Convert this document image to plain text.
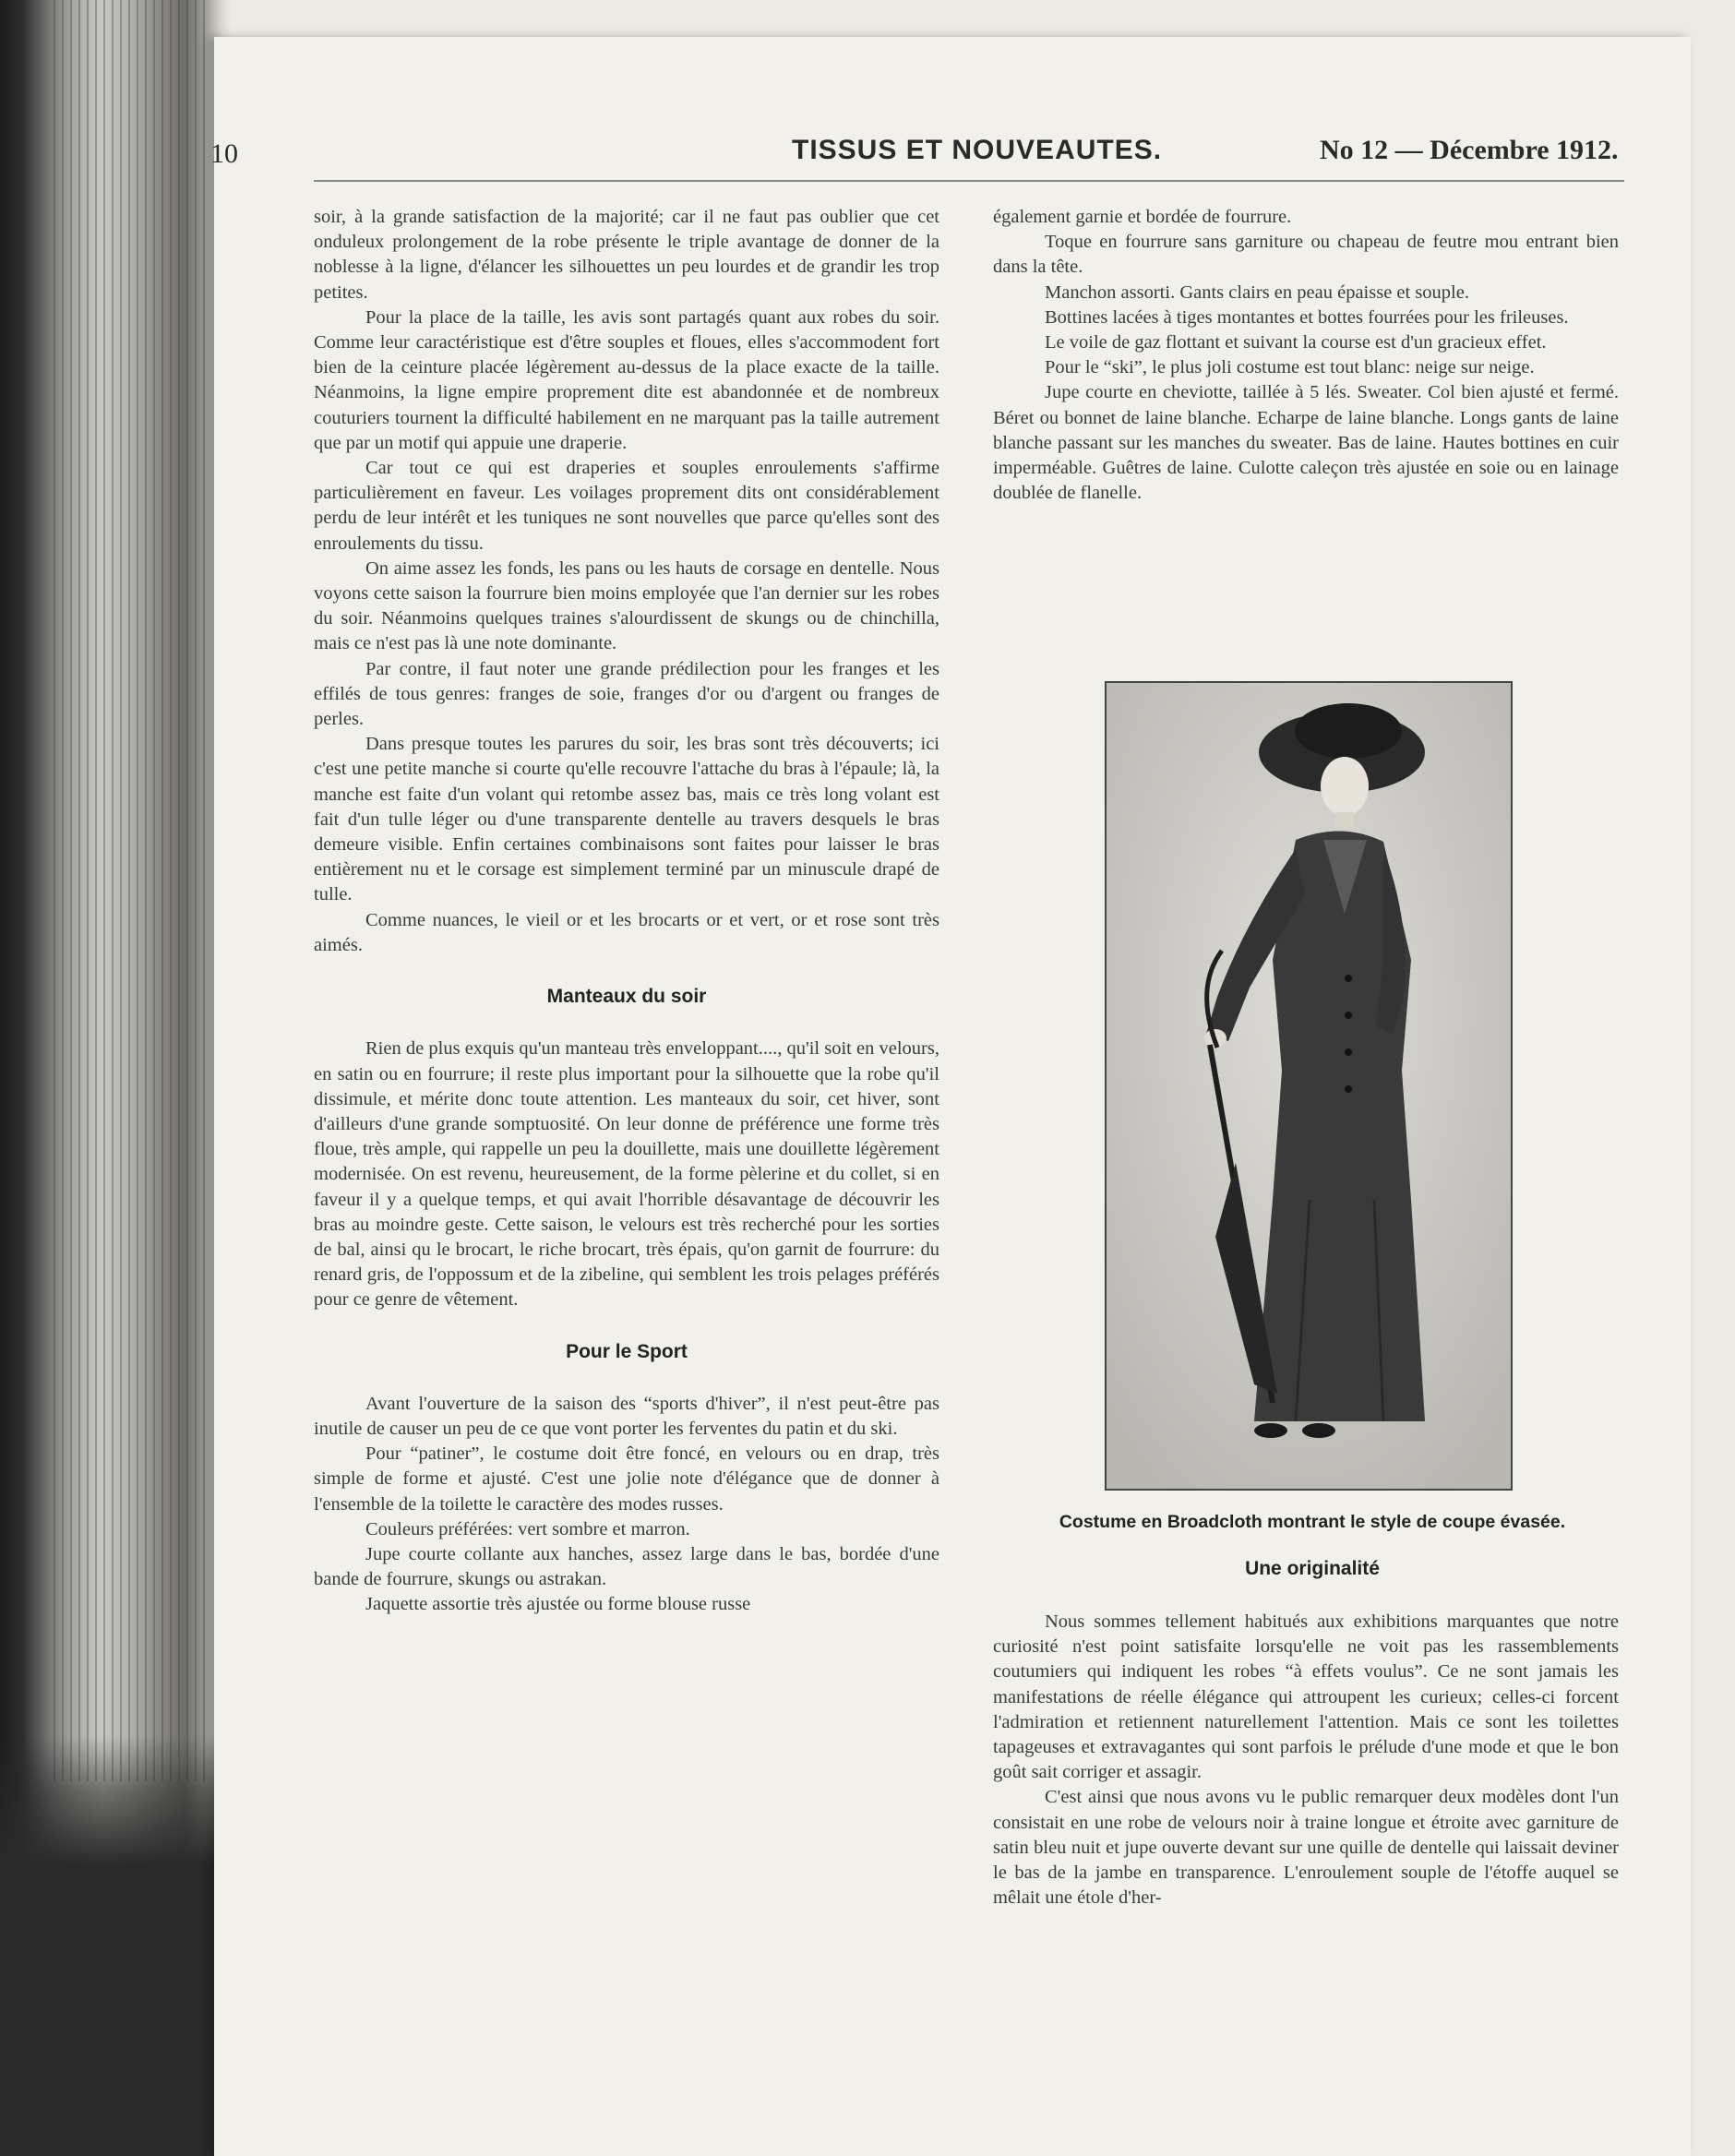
10	TISSUS ET NOUVEAUTES.	No 12 — Décembre 1912.

soir, à la grande satisfaction de la majorité; car il ne faut pas oublier que cet onduleux prolongement de la robe présente le triple avantage de donner de la noblesse à la ligne, d'élancer les silhouettes un peu lourdes et de grandir les trop petites.

Pour la place de la taille, les avis sont partagés quant aux robes du soir. Comme leur caractéristique est d'être souples et floues, elles s'accommodent fort bien de la ceinture placée légèrement au-dessus de la place exacte de la taille. Néanmoins, la ligne empire proprement dite est abandonnée et de nombreux couturiers tournent la difficulté habilement en ne marquant pas la taille autrement que par un motif qui appuie une draperie.

Car tout ce qui est draperies et souples enroulements s'affirme particulièrement en faveur. Les voilages proprement dits ont considérablement perdu de leur intérêt et les tuniques ne sont nouvelles que parce qu'elles sont des enroulements du tissu.

On aime assez les fonds, les pans ou les hauts de corsage en dentelle. Nous voyons cette saison la fourrure bien moins employée que l'an dernier sur les robes du soir. Néanmoins quelques traines s'alourdissent de skungs ou de chinchilla, mais ce n'est pas là une note dominante.

Par contre, il faut noter une grande prédilection pour les franges et les effilés de tous genres: franges de soie, franges d'or ou d'argent ou franges de perles.

Dans presque toutes les parures du soir, les bras sont très découverts; ici c'est une petite manche si courte qu'elle recouvre l'attache du bras à l'épaule; là, la manche est faite d'un volant qui retombe assez bas, mais ce très long volant est fait d'un tulle léger ou d'une transparente dentelle au travers desquels le bras demeure visible. Enfin certaines combinaisons sont faites pour laisser le bras entièrement nu et le corsage est simplement terminé par un minuscule drapé de tulle.

Comme nuances, le vieil or et les brocarts or et vert, or et rose sont très aimés.

Manteaux du soir

Rien de plus exquis qu'un manteau très enveloppant...., qu'il soit en velours, en satin ou en fourrure; il reste plus important pour la silhouette que la robe qu'il dissimule, et mérite donc toute attention. Les manteaux du soir, cet hiver, sont d'ailleurs d'une grande somptuosité. On leur donne de préférence une forme très floue, très ample, qui rappelle un peu la douillette, mais une douillette légèrement modernisée. On est revenu, heureusement, de la forme pèlerine et du collet, si en faveur il y a quelque temps, et qui avait l'horrible désavantage de découvrir les bras au moindre geste. Cette saison, le velours est très recherché pour les sorties de bal, ainsi qu le brocart, le riche brocart, très épais, qu'on garnit de fourrure: du renard gris, de l'oppossum et de la zibeline, qui semblent les trois pelages préférés pour ce genre de vêtement.

Pour le Sport

Avant l'ouverture de la saison des “sports d'hiver”, il n'est peut-être pas inutile de causer un peu de ce que vont porter les ferventes du patin et du ski.

Pour “patiner”, le costume doit être foncé, en velours ou en drap, très simple de forme et ajusté. C'est une jolie note d'élégance que de donner à l'ensemble de la toilette le caractère des modes russes.

Couleurs préférées: vert sombre et marron.

Jupe courte collante aux hanches, assez large dans le bas, bordée d'une bande de fourrure, skungs ou astrakan.

Jaquette assortie très ajustée ou forme blouse russe

également garnie et bordée de fourrure.

Toque en fourrure sans garniture ou chapeau de feutre mou entrant bien dans la tête.

Manchon assorti. Gants clairs en peau épaisse et souple.

Bottines lacées à tiges montantes et bottes fourrées pour les frileuses.

Le voile de gaz flottant et suivant la course est d'un gracieux effet.

Pour le “ski”, le plus joli costume est tout blanc: neige sur neige.

Jupe courte en cheviotte, taillée à 5 lés. Sweater. Col bien ajusté et fermé. Béret ou bonnet de laine blanche. Echarpe de laine blanche. Longs gants de laine blanche passant sur les manches du sweater. Bas de laine. Hautes bottines en cuir imperméable. Guêtres de laine. Culotte caleçon très ajustée en soie ou en lainage doublée de flanelle.

Costume en Broadcloth montrant le style de coupe évasée.
Une originalité

Nous sommes tellement habitués aux exhibitions marquantes que notre curiosité n'est point satisfaite lorsqu'elle ne voit pas les rassemblements coutumiers qui indiquent les robes “à effets voulus”. Ce ne sont jamais les manifestations de réelle élégance qui attroupent les curieux; celles-ci forcent l'admiration et retiennent naturellement l'attention. Mais ce sont les toilettes tapageuses et extravagantes qui sont parfois le prélude d'une mode et que le bon goût sait corriger et assagir.

C'est ainsi que nous avons vu le public remarquer deux modèles dont l'un consistait en une robe de velours noir à traine longue et étroite avec garniture de satin bleu nuit et jupe ouverte devant sur une quille de dentelle qui laissait deviner le bas de la jambe en transparence. L'enroulement souple de l'étoffe auquel se mêlait une étole d'her-
